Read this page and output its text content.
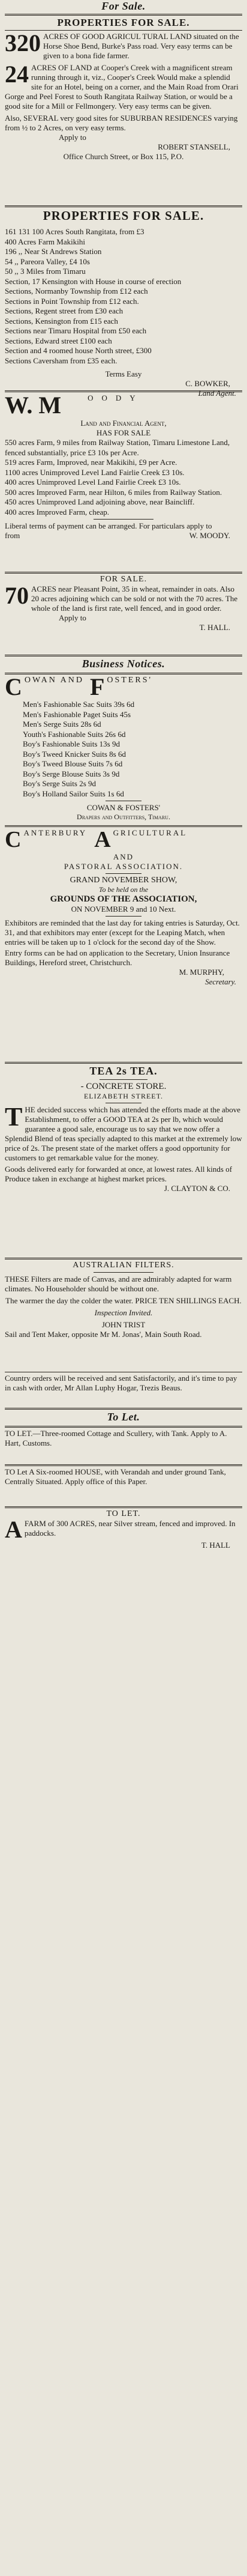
For Sale.
PROPERTIES FOR SALE.

320 ACRES OF GOOD AGRICUL TURAL LAND situated on the Horse Shoe Bend, Burke's Pass road. Very easy terms can be given to a bona fide farmer.

24 ACRES OF LAND at Cooper's Creek with a magnificent stream running through it, viz., Cooper's Creek Would make a splendid site for an Hotel, being on a corner, and the Main Road from Orari Gorge and Peel Forest to South Rangitata Railway Station, or would be a good site for a Mill or Fellmongery. Very easy terms can be given.

Also, SEVERAL very good sites for SUBURBAN RESIDENCES varying from ½ to 2 Acres, on very easy terms.

Apply to

ROBERT STANSELL,

Office Church Street, or Box 115, P.O.

PROPERTIES FOR SALE.

161 131 100 Acres South Rangitata, from £3

400 Acres Farm Makikihi

196 ,, Near St Andrews Station

54 ,, Pareora Valley, £4 10s

50 ,, 3 Miles from Timaru

Section, 17 Kensington with House in course of erection

Sections, Normanby Township from £12 each

Sections in Point Township from £12 each.

Sections, Regent street from £30 each

Sections, Kensington from £15 each

Sections near Timaru Hospital from £50 each

Sections, Edward street £100 each

Section and 4 roomed house North street, £300

Sections Caversham from £35 each.

Terms Easy

C. BOWKER,

Land Agent.

W. M	$^{OODY}$

Land and Financial Agent,

HAS FOR SALE

550 acres Farm, 9 miles from Railway Station, Timaru Limestone Land, fenced substantially, price £3 10s per Acre.

519 acres Farm, Improved, near Makikihi, £9 per Acre.

1100 acres Unimproved Level Land Fairlie Creek £3 10s.

400 acres Unimproved Level Land Fairlie Creek £3 10s.

500 acres Improved Farm, near Hilton, 6 miles from Railway Station.

450 acres Unimproved Land adjoining above, near Baincliff.

400 acres Improved Farm, cheap.

Liberal terms of payment can be arranged. For particulars apply to

from	W. MOODY.

FOR SALE.

70 ACRES near Pleasant Point, 35 in wheat, remainder in oats. Also 20 acres adjoining which can be sold or not with the 70 acres. The whole of the land is first rate, well fenced, and in good order.

Apply to

T. HALL.

Business Notices.
C OWAN AND F OSTERS'

Men's Fashionable Sac Suits 39s 6d

Men's Fashionable Paget Suits 45s

Men's Serge Suits 28s 6d

Youth's Fashionable Suits 26s 6d

Boy's Fashionable Suits 13s 9d

Boy's Tweed Knicker Suits 8s 6d

Boy's Tweed Blouse Suits 7s 6d

Boy's Serge Blouse Suits 3s 9d

Boy's Serge Suits 2s 9d

Boy's Holland Sailor Suits 1s 6d

COWAN & FOSTERS'

Drapers and Outfitters, Timaru.

C $^{ANTERBURY}$ A $^{GRICULTURAL}$

AND

PASTORAL ASSOCIATION.

GRAND NOVEMBER SHOW,

To be held on the

GROUNDS OF THE ASSOCIATION,

ON NOVEMBER 9 and 10 Next.

Exhibitors are reminded that the last day for taking entries is Saturday, Oct. 31, and that exhibitors may enter (except for the Leaping Match, when entries will be taken up to 1 o'clock for the second day of the Show.

Entry forms can be had on application to the Secretary, Union Insurance Buildings, Hereford street, Christchurch.

M. MURPHY,

Secretary.

TEA 2s TEA.

- CONCRETE STORE.

ELIZABETH STREET.

THE decided success which has attended the efforts made at the above Establishment, to offer a GOOD TEA at 2s per lb, which would guarantee a good sale, encourage us to say that we now offer a Splendid Blend of teas specially adapted to this market at the extremely low price of 2s. The present state of the market offers a good opportunity for customers to get remarkable value for the money.

Goods delivered early for forwarded at once, at lowest rates. All kinds of Produce taken in exchange at highest market prices.

J. CLAYTON & CO.

AUSTRALIAN FILTERS.

THESE Filters are made of Canvas, and are admirably adapted for warm climates. No Householder should be without one.

The warmer the day the colder the water. PRICE TEN SHILLINGS EACH.

Inspection Invited.

JOHN TRIST

Sail and Tent Maker, opposite Mr M. Jonas', Main South Road.

Country orders will be received and sent Satisfactorily, and it's time to pay in cash with order, Mr Allan Luphy Hogar, Trezis Beaus.

To Let.

TO LET.—Three-roomed Cottage and Scullery, with Tank. Apply to A. Hart, Customs.

TO Let A Six-roomed HOUSE, with Verandah and under ground Tank, Centrally Situated. Apply office of this Paper.

TO LET.

AFARM of 300 ACRES, near Silver stream, fenced and improved. In paddocks.

T. HALL
